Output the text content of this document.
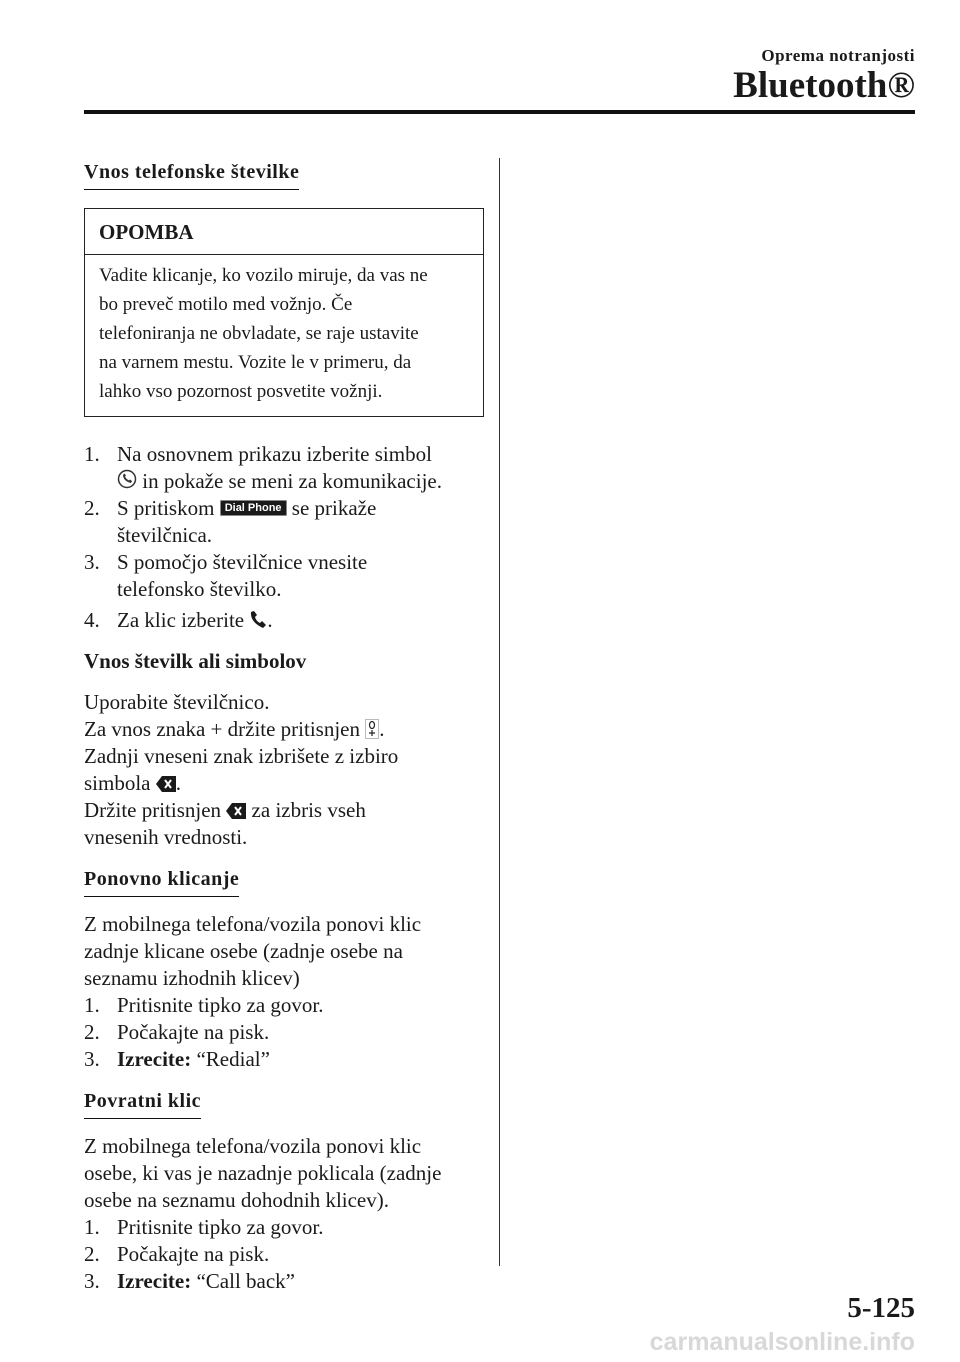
Oprema notranjosti
Bluetooth®
Vnos telefonske številke
OPOMBA
Vadite klicanje, ko vozilo miruje, da vas ne
bo preveč motilo med vožnjo. Če
telefoniranja ne obvladate, se raje ustavite
na varnem mestu. Vozite le v primeru, da
lahko vso pozornost posvetite vožnji.
1. Na osnovnem prikazu izberite simbol
in pokaže se meni za komunikacije.
2. S pritiskom Dial Phone se prikaže
številčnica.
3. S pomočjo številčnice vnesite
telefonsko številko.
4. Za klic izberite .

Vnos številk ali simbolov

Uporabite številčnico.

Za vnos znaka + držite pritisnjen .

Zadnji vneseni znak izbrišete z izbiro

simbola .

Držite pritisnjen za izbris vseh

vnesenih vrednosti.

Ponovno klicanje

Z mobilnega telefona/vozila ponovi klic

zadnje klicane osebe (zadnje osebe na

seznamu izhodnih klicev)

1. Pritisnite tipko za govor.
2. Počakajte na pisk.
3. Izrecite: “Redial”
Povratni klic

Z mobilnega telefona/vozila ponovi klic

osebe, ki vas je nazadnje poklicala (zadnje

osebe na seznamu dohodnih klicev).

1. Pritisnite tipko za govor.
2. Počakajte na pisk.
3. Izrecite: “Call back”
5-125
carmanualsonline.info
